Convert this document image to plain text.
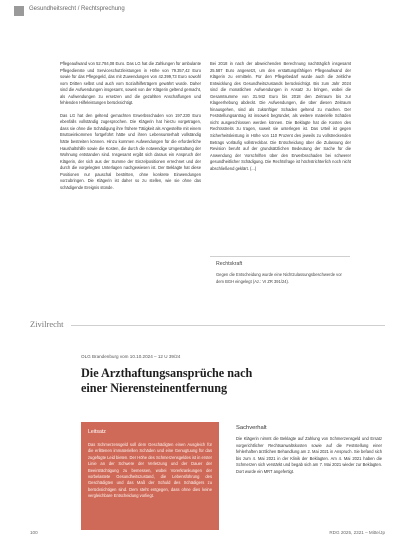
Gesundheitsrecht / Rechtsprechung

Pflegeaufwand von 52.784,08 Euro. Das LG hat die Zahlungen für ambulante Pflegedienste und Serviceschutzleistungen in Höhe von 79.357,42 Euro sowie für das Pflegegeld, das mit Zuwendungen von 42.399,73 Euro sowohl vom Dritten selbst und auch vom Sozialhilfeträgern gewährt wurde. Daher sind die Aufwendungen insgesamt, soweit von der Klägerin geltend gemacht, als Aufwendungen zu ersetzen und die gezahlten Anschaffungen und fehlenden Hilfeleistungen berücksichtigt.

Das LG hat den geltend gemachten Erwerbsschaden von 197.230 Euro ebenfalls vollständig zugesprochen. Die Klägerin hat hierzu vorgetragen, dass sie ohne die Schädigung ihre frühere Tätigkeit als Angestellte mit einem Bruttoeinkommen fortgeführt hätte und ihren Lebensunterhalt vollständig hätte bestreiten können. Hinzu kommen Aufwendungen für die erforderliche Haushaltshilfe sowie die Kosten, die durch die notwendige Umgestaltung der Wohnung entstanden sind. Insgesamt ergibt sich daraus ein Anspruch der Klägerin, der sich aus der Summe der Einzelpositionen errechnet und der durch die vorgelegten Unterlagen nachgewiesen ist. Der Beklagte hat diese Positionen nur pauschal bestritten, ohne konkrete Einwendungen vorzubringen. Die Klägerin ist daher so zu stellen, wie sie ohne das schädigende Ereignis stünde.

Bei 2018 in nach der abweichenden Berechnung nachträglich insgesamt 25.587 Euro angesetzt, um den erstattungsfähigen Pflegeaufwand der Klägerin zu ermitteln. Für den Pflegebedarf wurde auch die zeitliche Entwicklung des Gesundheitszustands berücksichtigt. Bis zum Jahr 2024 sind die monatlichen Aufwendungen in Ansatz zu bringen, wobei die Gesamtsumme von 31.942 Euro bis 2018 den Zeitraum bis zur Klageerhebung abdeckt. Die Aufwendungen, die über diesen Zeitraum hinausgehen, sind als zukünftiger Schaden geltend zu machen. Der Feststellungsantrag ist insoweit begründet, als weitere materielle Schäden nicht ausgeschlossen werden können. Die Beklagte hat die Kosten des Rechtsstreits zu tragen, soweit sie unterlegen ist. Das Urteil ist gegen Sicherheitsleistung in Höhe von 110 Prozent des jeweils zu vollstreckenden Betrags vorläufig vollstreckbar. Die Entscheidung über die Zulassung der Revision beruht auf der grundsätzlichen Bedeutung der Sache für die Anwendung der Vorschriften über den Erwerbsschaden bei schwerer gesundheitlicher Schädigung. Die Rechtsfrage ist höchstrichterlich noch nicht abschließend geklärt. (...)

Rechtskraft
Gegen die Entscheidung wurde eine Nichtzulassungsbeschwerde vor dem BGH eingelegt (Az.: VI ZR 391/24).
Zivilrecht
OLG Brandenburg vom 10.10.2024 – 12 U 39/24
Die Arzthaftungsansprüche nach einer Nierensteinentfernung
Leitsatz
Das Schmerzensgeld soll dem Geschädigten einen Ausgleich für die erlittenen immateriellen Schäden und eine Genugtuung für das zugefügte Leid bieten. Der Höhe des Schmerzensgeldes ist in erster Linie an der Schwere der Verletzung und der Dauer der Beeinträchtigung zu bemessen, wobei Vorerkrankungen der vorbelastete Gesundheitszustand, die Lebensführung des Geschädigten und das Maß der Schuld des Schädigers zu berücksichtigen sind. Dem steht entgegen, dass ohne dies keine vergleichbare Entscheidung vorliegt.
Sachverhalt
Die Klägerin nimmt die Beklagte auf Zahlung von Schmerzensgeld und Ersatz vorgerichtlicher Rechtsanwaltskosten sowie auf die Feststellung einer fehlerhaften ärztlichen Behandlung am 2. Mai 2021 in Anspruch. Sie befand sich bis zum 4. Mai 2021 in der Klinik der Beklagten. Am 4. Mai 2021 haben die Schmerzen sich verstärkt und begab sich am 7. Mai 2021 wieder zur Beklagten. Dort wurde ein MRT angefertigt.
100	RDG 2025, 2321 – Mitte/Jp
